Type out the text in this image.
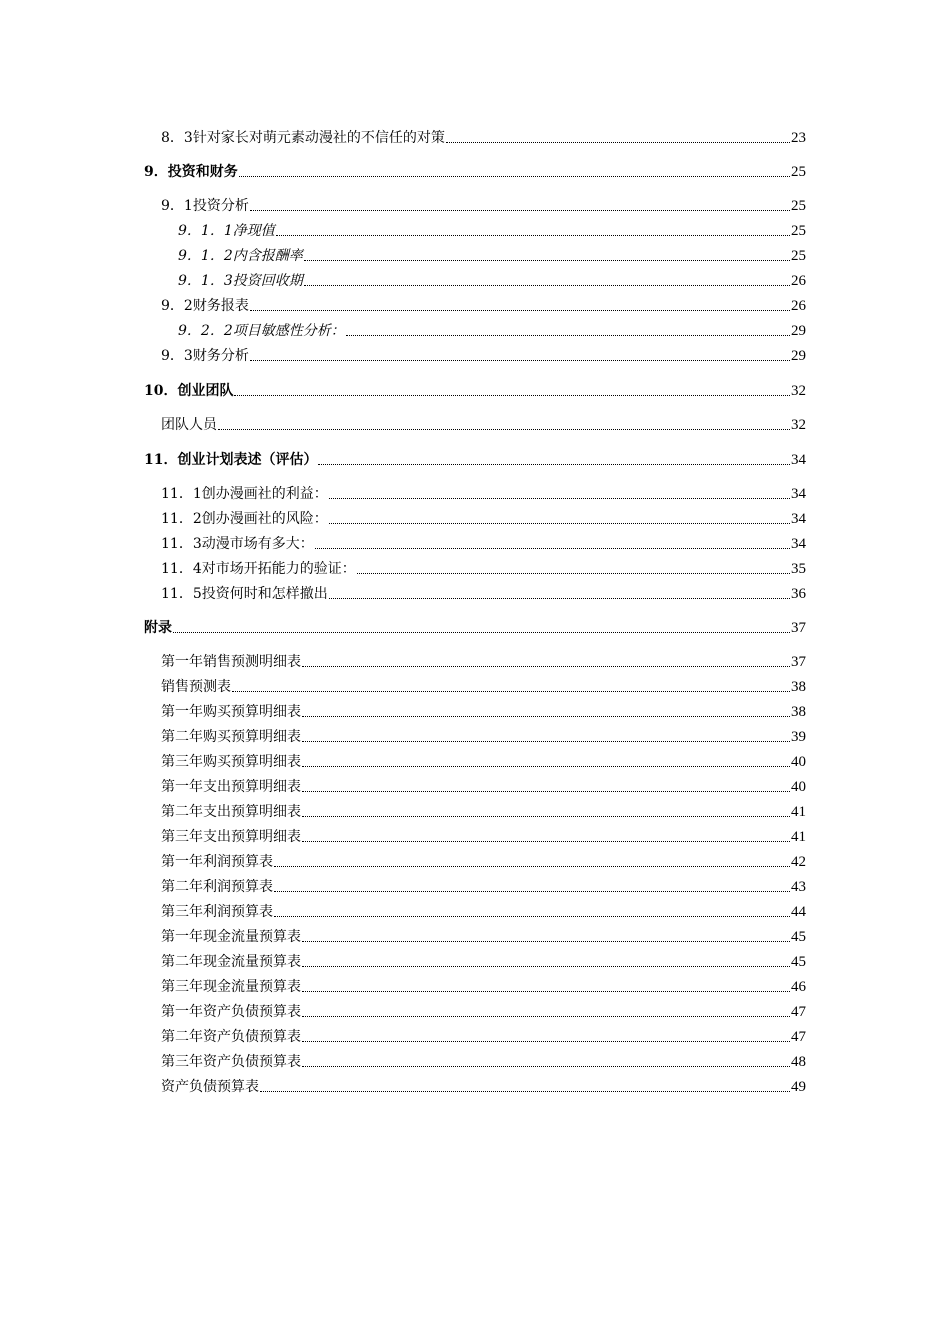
8．3针对家长对萌元素动漫社的不信任的对策	23
9．投资和财务	25
9．1投资分析	25
9．1．1净现值	25
9．1．2内含报酬率	25
9．1．3投资回收期	26
9．2财务报表	26
9．2．2项目敏感性分析：	29
9．3财务分析	29
10．创业团队	32
团队人员	32
11．创业计划表述（评估）	34
11．1创办漫画社的利益：	34
11．2创办漫画社的风险：	34
11．3动漫市场有多大：	34
11．4对市场开拓能力的验证：	35
11．5投资何时和怎样撤出	36
附录	37
第一年销售预测明细表	37
销售预测表	38
第一年购买预算明细表	38
第二年购买预算明细表	39
第三年购买预算明细表	40
第一年支出预算明细表	40
第二年支出预算明细表	41
第三年支出预算明细表	41
第一年利润预算表	42
第二年利润预算表	43
第三年利润预算表	44
第一年现金流量预算表	45
第二年现金流量预算表	45
第三年现金流量预算表	46
第一年资产负债预算表	47
第二年资产负债预算表	47
第三年资产负债预算表	48
资产负债预算表	49
